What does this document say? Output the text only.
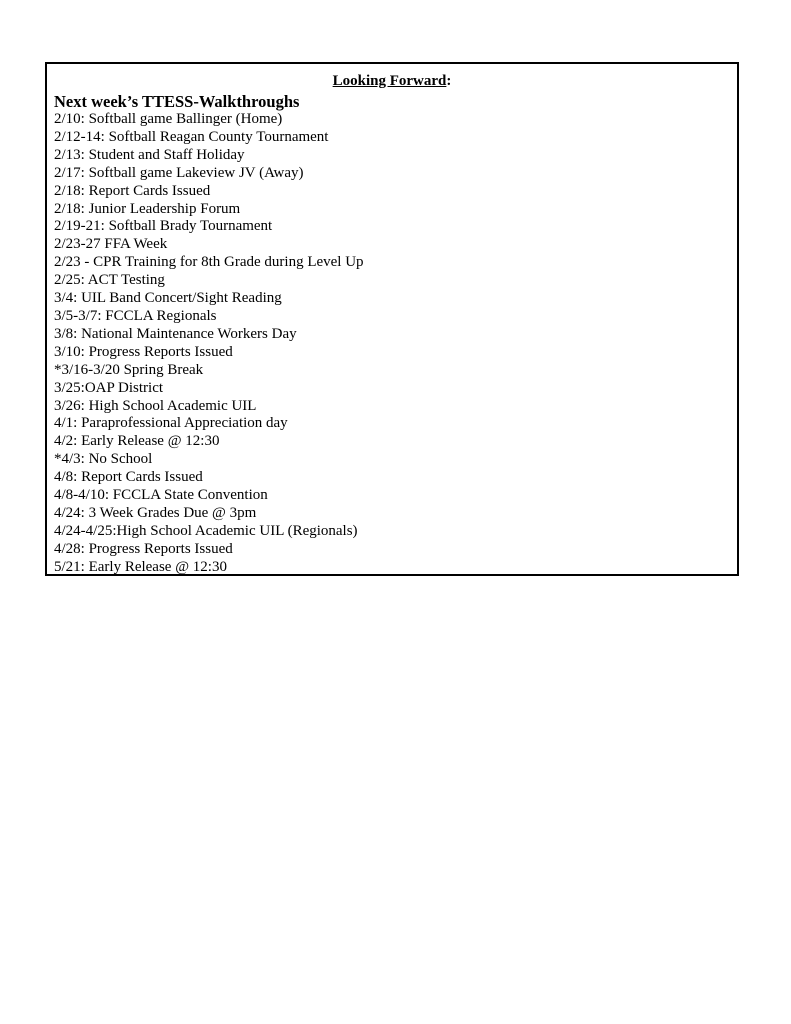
Looking Forward:
Next week’s TTESS-Walkthroughs
2/10: Softball game Ballinger (Home)
2/12-14: Softball Reagan County Tournament
2/13: Student and Staff Holiday
2/17: Softball game Lakeview JV (Away)
2/18: Report Cards Issued
2/18: Junior Leadership Forum
2/19-21: Softball Brady Tournament
2/23-27 FFA Week
2/23 - CPR Training for 8th Grade during Level Up
2/25: ACT Testing
3/4: UIL Band Concert/Sight Reading
3/5-3/7: FCCLA Regionals
3/8: National Maintenance Workers Day
3/10: Progress Reports Issued
*3/16-3/20 Spring Break
3/25:OAP District
3/26: High School Academic UIL
4/1: Paraprofessional Appreciation day
4/2: Early Release @ 12:30
*4/3: No School
4/8: Report Cards Issued
4/8-4/10: FCCLA State Convention
4/24: 3 Week Grades Due @ 3pm
4/24-4/25:High School Academic UIL (Regionals)
4/28: Progress Reports Issued
5/21: Early Release @ 12:30
